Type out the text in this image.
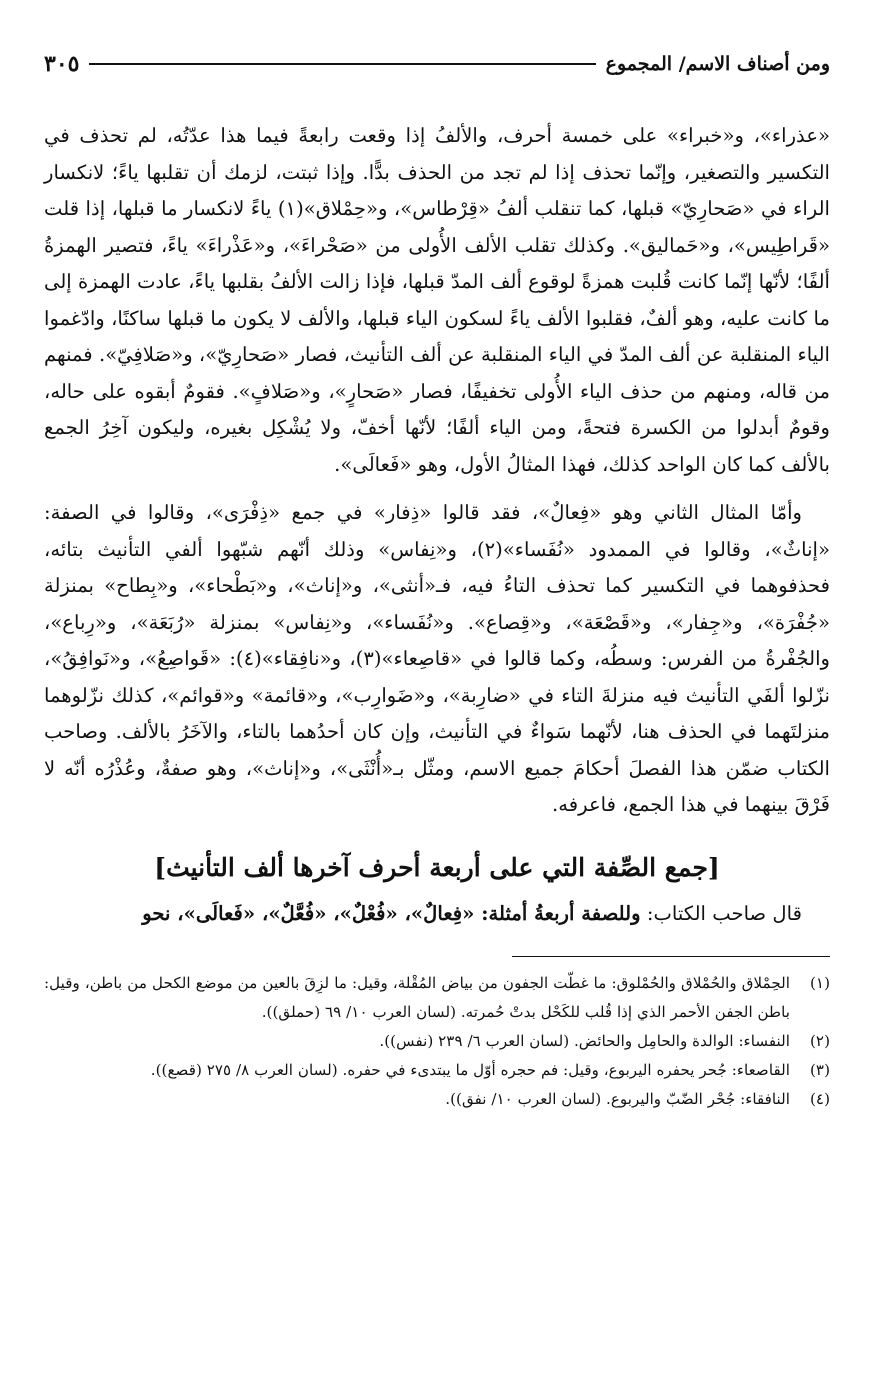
ومن أصناف الاسم/ المجموع
٣٠٥

«عذراء»، و«خبراء» على خمسة أحرف، والألفُ إذا وقعت رابعةً فيما هذا عدّتُه، لم تحذف في التكسير والتصغير، وإنّما تحذف إذا لم تجد من الحذف بدًّا. وإذا ثبتت، لزمك أن تقلبها ياءً؛ لانكسار الراء في «صَحارِيّ» قبلها، كما تنقلب ألفُ «قِرْطاس»، و«حِمْلاق»(١) ياءً لانكسار ما قبلها، إذا قلت «قَراطِيس»، و«حَماليق». وكذلك تقلب الألف الأُولى من «صَحْراءَ»، و«عَذْراءَ» ياءً، فتصير الهمزةُ ألفًا؛ لأنّها إنّما كانت قُلبت همزةً لوقوع ألف المدّ قبلها، فإذا زالت الألفُ بقلبها ياءً، عادت الهمزة إلى ما كانت عليه، وهو ألفٌ، فقلبوا الألف ياءً لسكون الياء قبلها، والألف لا يكون ما قبلها ساكنًا، وادّغموا الياء المنقلبة عن ألف المدّ في الياء المنقلبة عن ألف التأنيث، فصار «صَحارِيّ»، و«صَلافِيّ». فمنهم من قاله، ومنهم من حذف الياء الأُولى تخفيفًا، فصار «صَحارٍ»، و«صَلافٍ». فقومٌ أبقوه على حاله، وقومٌ أبدلوا من الكسرة فتحةً، ومن الياء ألفًا؛ لأنّها أخفّ، ولا يُشْكِل بغيره، وليكون آخِرُ الجمع بالألف كما كان الواحد كذلك، فهذا المثالُ الأول، وهو «فَعالَى».

وأمّا المثال الثاني وهو «فِعالٌ»، فقد قالوا «ذِفار» في جمع «ذِفْرَى»، وقالوا في الصفة: «إناثٌ»، وقالوا في الممدود «نُفَساء»(٢)، و«نِفاس» وذلك أنّهم شبّهوا ألفي التأنيث بتائه، فحذفوهما في التكسير كما تحذف التاءُ فيه، فـ«أنثى»، و«إناث»، و«بَطْحاء»، و«بِطاح» بمنزلة «جُفْرَة»، و«جِفار»، و«قَصْعَة»، و«قِصاع». و«نُفَساء»، و«نِفاس» بمنزلة «رُبَعَة»، و«رِباع»، والجُفْرةُ من الفرس: وسطُه، وكما قالوا في «قاصِعاء»(٣)، و«نافِقاء»(٤): «قَواصِعُ»، و«نَوافِقُ»، نزّلوا ألفَي التأنيث فيه منزلةَ التاء في «ضارِبة»، و«ضَوارِب»، و«قائمة» و«قوائم»، كذلك نزّلوهما منزلتَهما في الحذف هنا، لأنّهما سَواءٌ في التأنيث، وإن كان أحدُهما بالتاء، والآخَرُ بالألف. وصاحب الكتاب ضمّن هذا الفصلَ أحكامَ جميع الاسم، ومثّل بـ«أُنْثَى»، و«إناث»، وهو صفةٌ، وعُذْرُه أنّه لا فَرْقَ بينهما في هذا الجمع، فاعرفه.

[جمع الصِّفة التي على أربعة أحرف آخرها ألف التأنيث]
قال صاحب الكتاب: وللصفة أربعةُ أمثلة: «فِعالٌ»، «فُعْلٌ»، «فُعَّلٌ»، «فَعالَى»، نحو
(١)
الحِمْلاق والحُمْلاق والحُمْلوق: ما غطّت الجفون من بياض المُقْلة، وقيل: ما لزِقَ بالعين من موضع الكحل من باطن، وقيل: باطن الجفن الأحمر الذي إذا قُلب للكَحْل بدتْ حُمرته. (لسان العرب ١٠/ ٦٩ (حملق)).
(٢)
النفساء: الوالدة والحامِل والحائض. (لسان العرب ٦/ ٢٣٩ (نفس)).
(٣)
القاصعاء: جُحر يحفره اليربوع، وقيل: فم حجره أوّل ما يبتدىء في حفره. (لسان العرب ٨/ ٢٧٥ (قصع)).
(٤)
النافقاء: جُحْر الضّبّ واليربوع. (لسان العرب ١٠/ نفق)).
